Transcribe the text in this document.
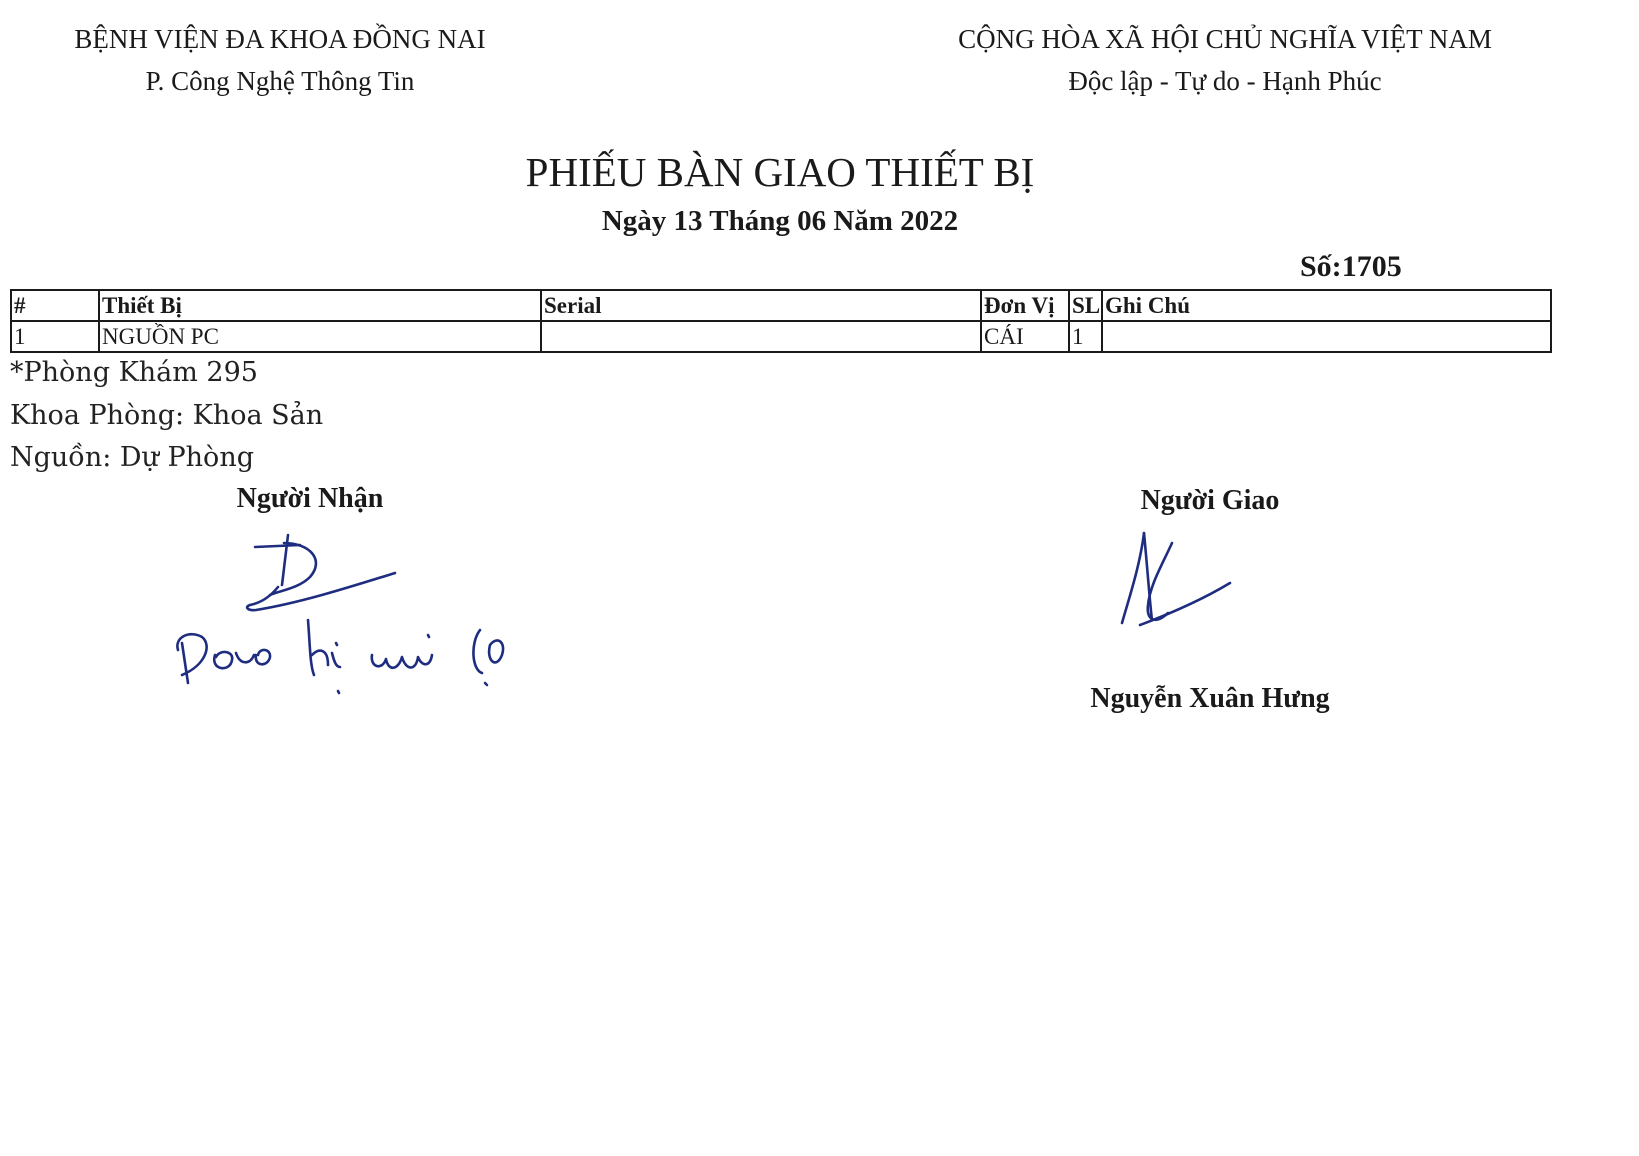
BỆNH VIỆN ĐA KHOA ĐỒNG NAI
P. Công Nghệ Thông Tin
CỘNG HÒA XÃ HỘI CHỦ NGHĨA VIỆT NAM
Độc lập - Tự do - Hạnh Phúc
PHIẾU BÀN GIAO THIẾT BỊ
Ngày 13 Tháng 06 Năm 2022
Số:1705
#	Thiết Bị	Serial	Đơn Vị	SL	Ghi Chú
1	NGUỒN PC		CÁI	1	
*Phòng Khám 295
Khoa Phòng: Khoa Sản
Nguồn: Dự Phòng
Người Nhận	Người Giao
Nguyễn Xuân Hưng
